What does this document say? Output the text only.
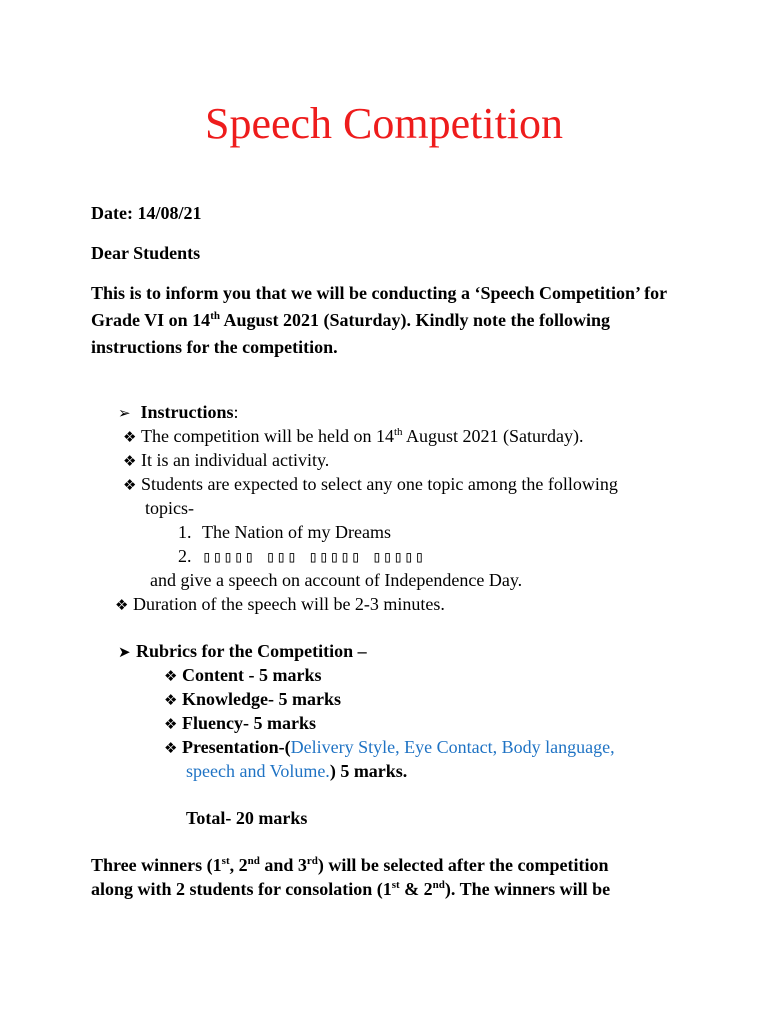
Speech Competition

Date: 14/08/21

Dear Students

This is to inform you that we will be conducting a ‘Speech Competition’ for Grade VI on 14th August 2021 (Saturday). Kindly note the following instructions for the competition.

➢ Instructions:
❖ The competition will be held on 14th August 2021 (Saturday).
❖ It is an individual activity.
❖ Students are expected to select any one topic among the following
topics-
1. The Nation of my Dreams
2. ▯▯▯▯▯ ▯▯▯ ▯▯▯▯▯ ▯▯▯▯▯
and give a speech on account of Independence Day.
❖ Duration of the speech will be 2-3 minutes.
➤ Rubrics for the Competition –
❖ Content - 5 marks
❖ Knowledge- 5 marks
❖ Fluency- 5 marks
❖ Presentation-(Delivery Style, Eye Contact, Body language,
speech and Volume.) 5 marks.
Total- 20 marks
Three winners (1st, 2nd and 3rd) will be selected after the competition
along with 2 students for consolation (1st & 2nd). The winners will be
